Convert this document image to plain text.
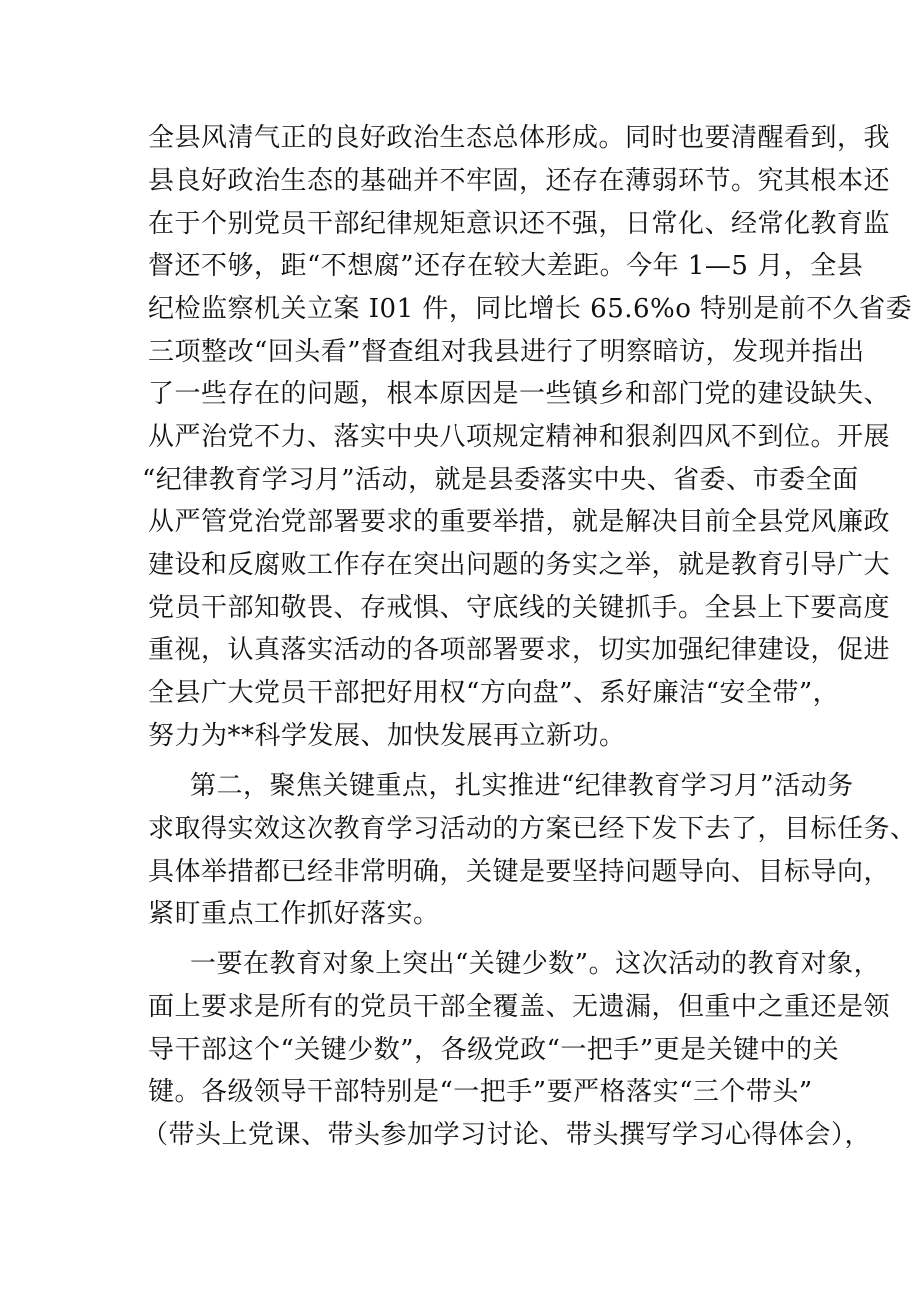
全县风清气正的良好政治生态总体形成。同时也要清醒看到，我
县良好政治生态的基础并不牢固，还存在薄弱环节。究其根本还
在于个别党员干部纪律规矩意识还不强，日常化、经常化教育监
督还不够，距“不想腐”还存在较大差距。今年 1—5 月，全县
纪检监察机关立案 I01 件，同比增长 65.6%o 特别是前不久省委
三项整改“回头看”督查组对我县进行了明察暗访，发现并指出
了一些存在的问题，根本原因是一些镇乡和部门党的建设缺失、
从严治党不力、落实中央八项规定精神和狠刹四风不到位。开展
“纪律教育学习月”活动，就是县委落实中央、省委、市委全面
从严管党治党部署要求的重要举措，就是解决目前全县党风廉政
建设和反腐败工作存在突出问题的务实之举，就是教育引导广大
党员干部知敬畏、存戒惧、守底线的关键抓手。全县上下要高度
重视，认真落实活动的各项部署要求，切实加强纪律建设，促进
全县广大党员干部把好用权“方向盘”、系好廉洁“安全带”，
努力为**科学发展、加快发展再立新功。
第二，聚焦关键重点，扎实推进“纪律教育学习月”活动务
求取得实效这次教育学习活动的方案已经下发下去了，目标任务、
具体举措都已经非常明确，关键是要坚持问题导向、目标导向，
紧盯重点工作抓好落实。
一要在教育对象上突出“关键少数”。这次活动的教育对象，
面上要求是所有的党员干部全覆盖、无遗漏，但重中之重还是领
导干部这个“关键少数”，各级党政“一把手”更是关键中的关
键。各级领导干部特别是“一把手”要严格落实“三个带头”
（带头上党课、带头参加学习讨论、带头撰写学习心得体会），
